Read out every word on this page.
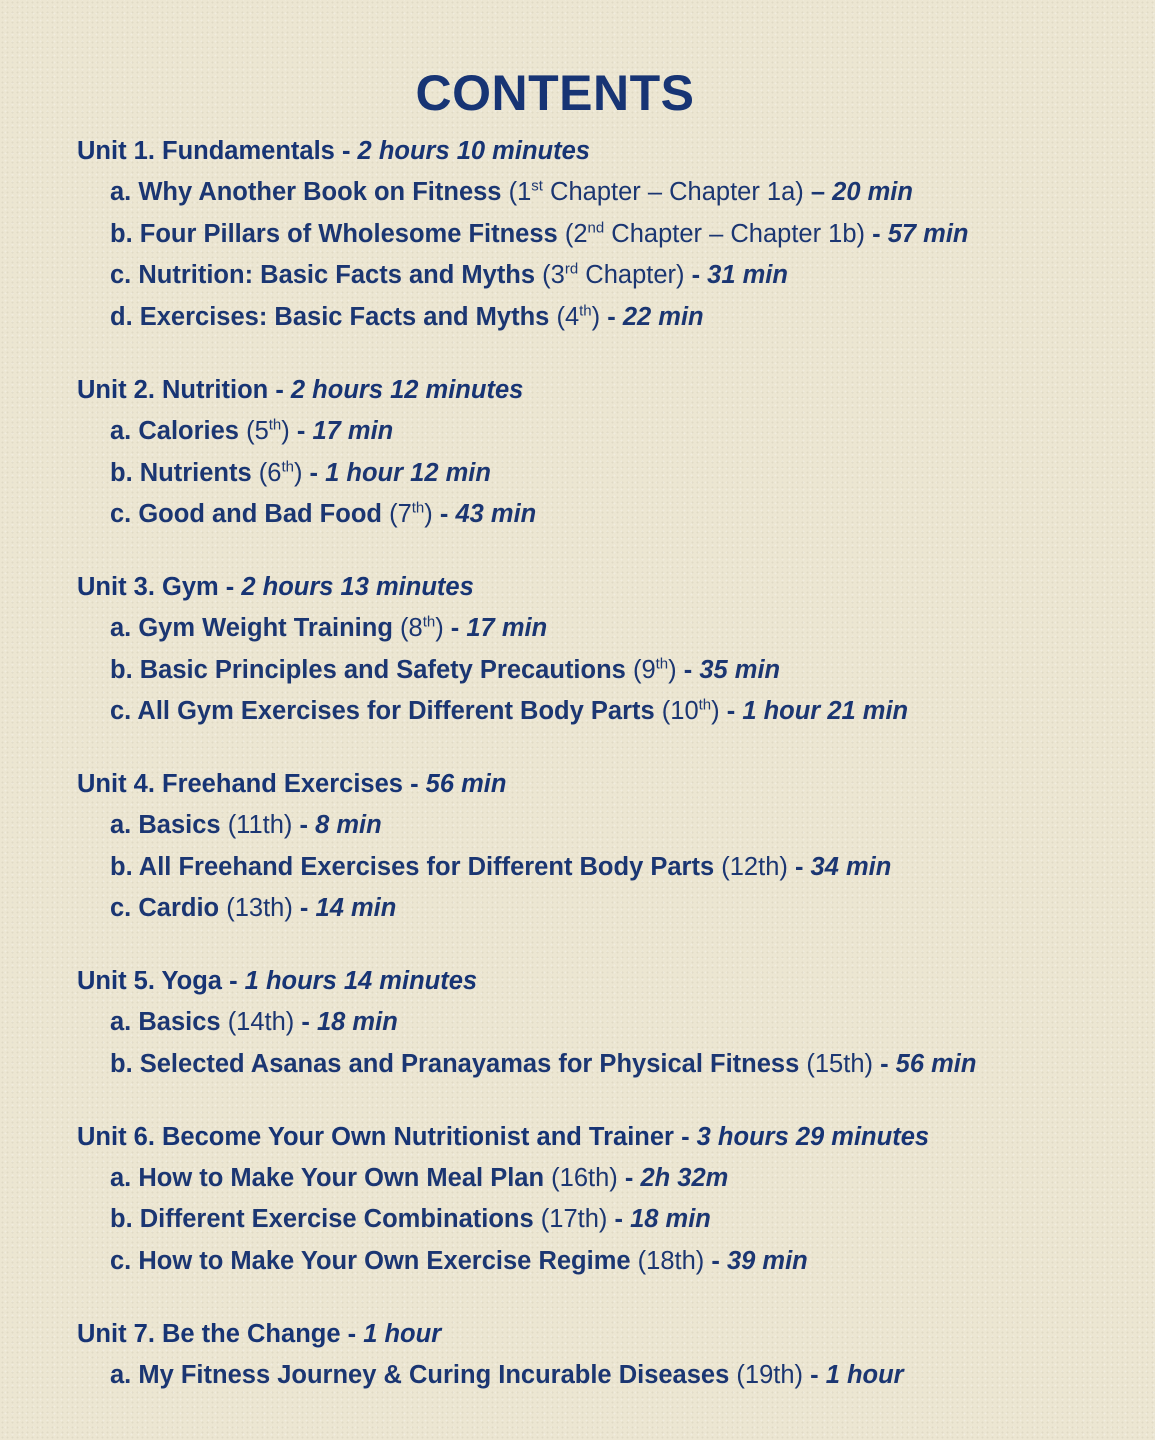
CONTENTS
Unit 1. Fundamentals - 2 hours 10 minutes
a. Why Another Book on Fitness (1st Chapter – Chapter 1a) – 20 min
b. Four Pillars of Wholesome Fitness (2nd Chapter – Chapter 1b) - 57 min
c. Nutrition: Basic Facts and Myths (3rd Chapter) - 31 min
d. Exercises: Basic Facts and Myths (4th) - 22 min
Unit 2. Nutrition - 2 hours 12 minutes
a. Calories (5th) - 17 min
b. Nutrients (6th) - 1 hour 12 min
c. Good and Bad Food (7th) - 43 min
Unit 3. Gym - 2 hours 13 minutes
a. Gym Weight Training (8th) - 17 min
b. Basic Principles and Safety Precautions (9th) - 35 min
c. All Gym Exercises for Different Body Parts (10th) - 1 hour 21 min
Unit 4. Freehand Exercises - 56 min
a. Basics (11th) - 8 min
b. All Freehand Exercises for Different Body Parts (12th) - 34 min
c. Cardio (13th) - 14 min
Unit 5. Yoga - 1 hours 14 minutes
a. Basics (14th) - 18 min
b. Selected Asanas and Pranayamas for Physical Fitness (15th) - 56 min
Unit 6. Become Your Own Nutritionist and Trainer - 3 hours 29 minutes
a. How to Make Your Own Meal Plan (16th) - 2h 32m
b. Different Exercise Combinations (17th) - 18 min
c. How to Make Your Own Exercise Regime (18th) - 39 min
Unit 7. Be the Change - 1 hour
a. My Fitness Journey & Curing Incurable Diseases (19th) - 1 hour
